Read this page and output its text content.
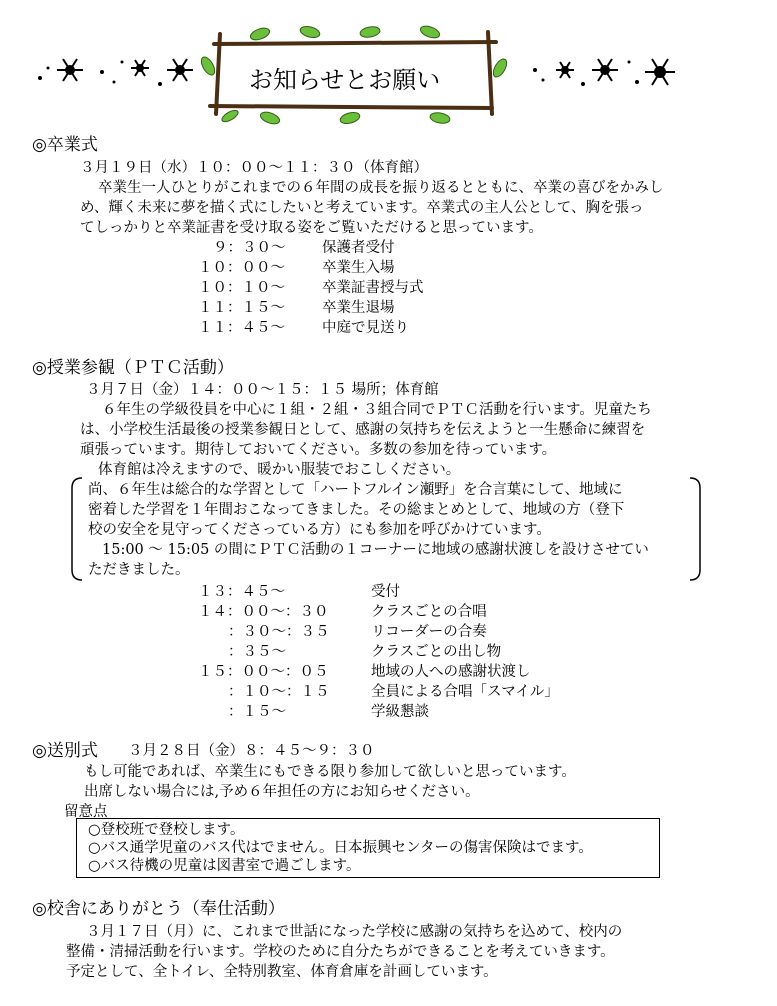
お知らせとお願い
◎卒業式
３月１９日（水）１０：００〜１１：３０（体育館）
卒業生一人ひとりがこれまでの６年間の成長を振り返るとともに、卒業の喜びをかみし
め、輝く未来に夢を描く式にしたいと考えています。卒業式の主人公として、胸を張っ
てしっかりと卒業証書を受け取る姿をご覧いただけると思っています。
９：３０〜	保護者受付
１０：００〜	卒業生入場
１０：１０〜	卒業証書授与式
１１：１５〜	卒業生退場
１１：４５〜	中庭で見送り
◎授業参観（ＰＴＣ活動）
３月７日（金）１４：００〜１５：１５ 場所；体育館
６年生の学級役員を中心に１組・２組・３組合同でＰＴＣ活動を行います。児童たち
は、小学校生活最後の授業参観日として、感謝の気持ちを伝えようと一生懸命に練習を
頑張っています。期待しておいてください。多数の参加を待っています。
体育館は冷えますので、暖かい服装でおこしください。
尚、６年生は総合的な学習として「ハートフルイン瀬野」を合言葉にして、地域に
密着した学習を１年間おこなってきました。その総まとめとして、地域の方（登下
校の安全を見守ってくださっている方）にも参加を呼びかけています。
15:00 〜 15:05 の間にＰＴＣ活動の１コーナーに地域の感謝状渡しを設けさせてい
ただきました。
１３：４５〜	受付
１４：００〜：３０	クラスごとの合唱
：３０〜：３５	リコーダーの合奏
：３５〜	クラスごとの出し物
１５：００〜：０５	地域の人への感謝状渡し
：１０〜：１５	全員による合唱「スマイル」
：１５〜	学級懇談
◎送別式 ３月２８日（金）８：４５〜９：３０
もし可能であれば、卒業生にもできる限り参加して欲しいと思っています。
出席しない場合には,予め６年担任の方にお知らせください。
留意点
○登校班で登校します。
○バス通学児童のバス代はでません。日本振興センターの傷害保険はでます。
○バス待機の児童は図書室で過ごします。
◎校舎にありがとう（奉仕活動）
３月１７日（月）に、これまで世話になった学校に感謝の気持ちを込めて、校内の
整備・清掃活動を行います。学校のために自分たちができることを考えていきます。
予定として、全トイレ、全特別教室、体育倉庫を計画しています。
